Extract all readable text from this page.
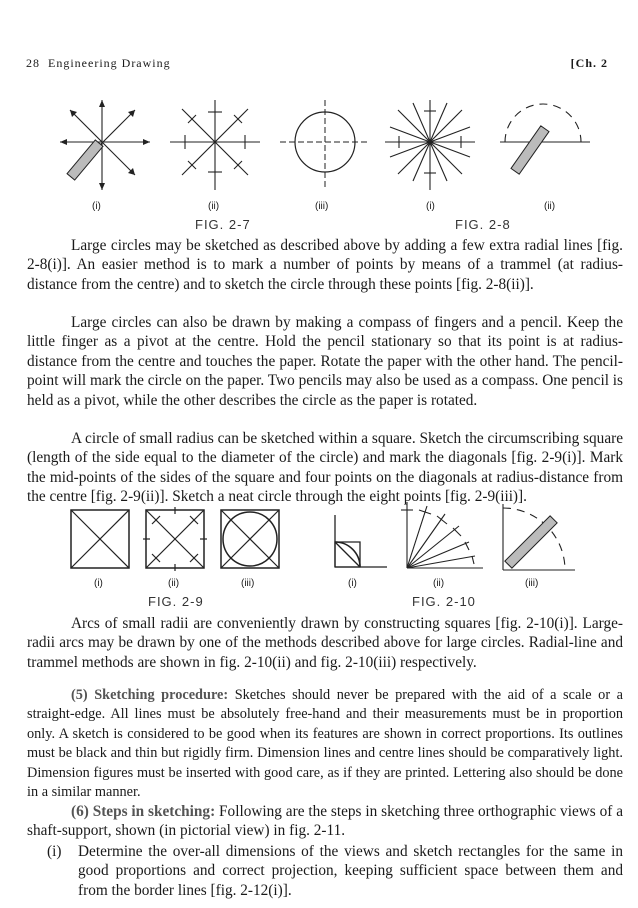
28 Engineering Drawing	[Ch. 2
(i)	(ii)	(iii)	(i)	(ii)
FIG. 2-7	FIG. 2-8
Large circles may be sketched as described above by adding a few extra radial lines [fig. 2-8(i)]. An easier method is to mark a number of points by means of a trammel (at radius-distance from the centre) and to sketch the circle through these points [fig. 2-8(ii)].
Large circles can also be drawn by making a compass of fingers and a pencil. Keep the little finger as a pivot at the centre. Hold the pencil stationary so that its point is at radius-distance from the centre and touches the paper. Rotate the paper with the other hand. The pencil-point will mark the circle on the paper. Two pencils may also be used as a compass. One pencil is held as a pivot, while the other describes the circle as the paper is rotated.
A circle of small radius can be sketched within a square. Sketch the circumscribing square (length of the side equal to the diameter of the circle) and mark the diagonals [fig. 2-9(i)]. Mark the mid-points of the sides of the square and four points on the diagonals at radius-distance from the centre [fig. 2-9(ii)]. Sketch a neat circle through the eight points [fig. 2-9(iii)].
(i)	(ii)	(iii)	(i)	(ii)	(iii)
FIG. 2-9	FIG. 2-10
Arcs of small radii are conveniently drawn by constructing squares [fig. 2-10(i)]. Large-radii arcs may be drawn by one of the methods described above for large circles. Radial-line and trammel methods are shown in fig. 2-10(ii) and fig. 2-10(iii) respectively.
(5) Sketching procedure: Sketches should never be prepared with the aid of a scale or a straight-edge. All lines must be absolutely free-hand and their measurements must be in proportion only. A sketch is considered to be good when its features are shown in correct proportions. Its outlines must be black and thin but rigidly firm. Dimension lines and centre lines should be comparatively light. Dimension figures must be inserted with good care, as if they are printed. Lettering also should be done in a similar manner.
(6) Steps in sketching: Following are the steps in sketching three orthographic views of a shaft-support, shown (in pictorial view) in fig. 2-11.
(i) Determine the over-all dimensions of the views and sketch rectangles for the same in good proportions and correct projection, keeping sufficient space between them and from the border lines [fig. 2-12(i)].
